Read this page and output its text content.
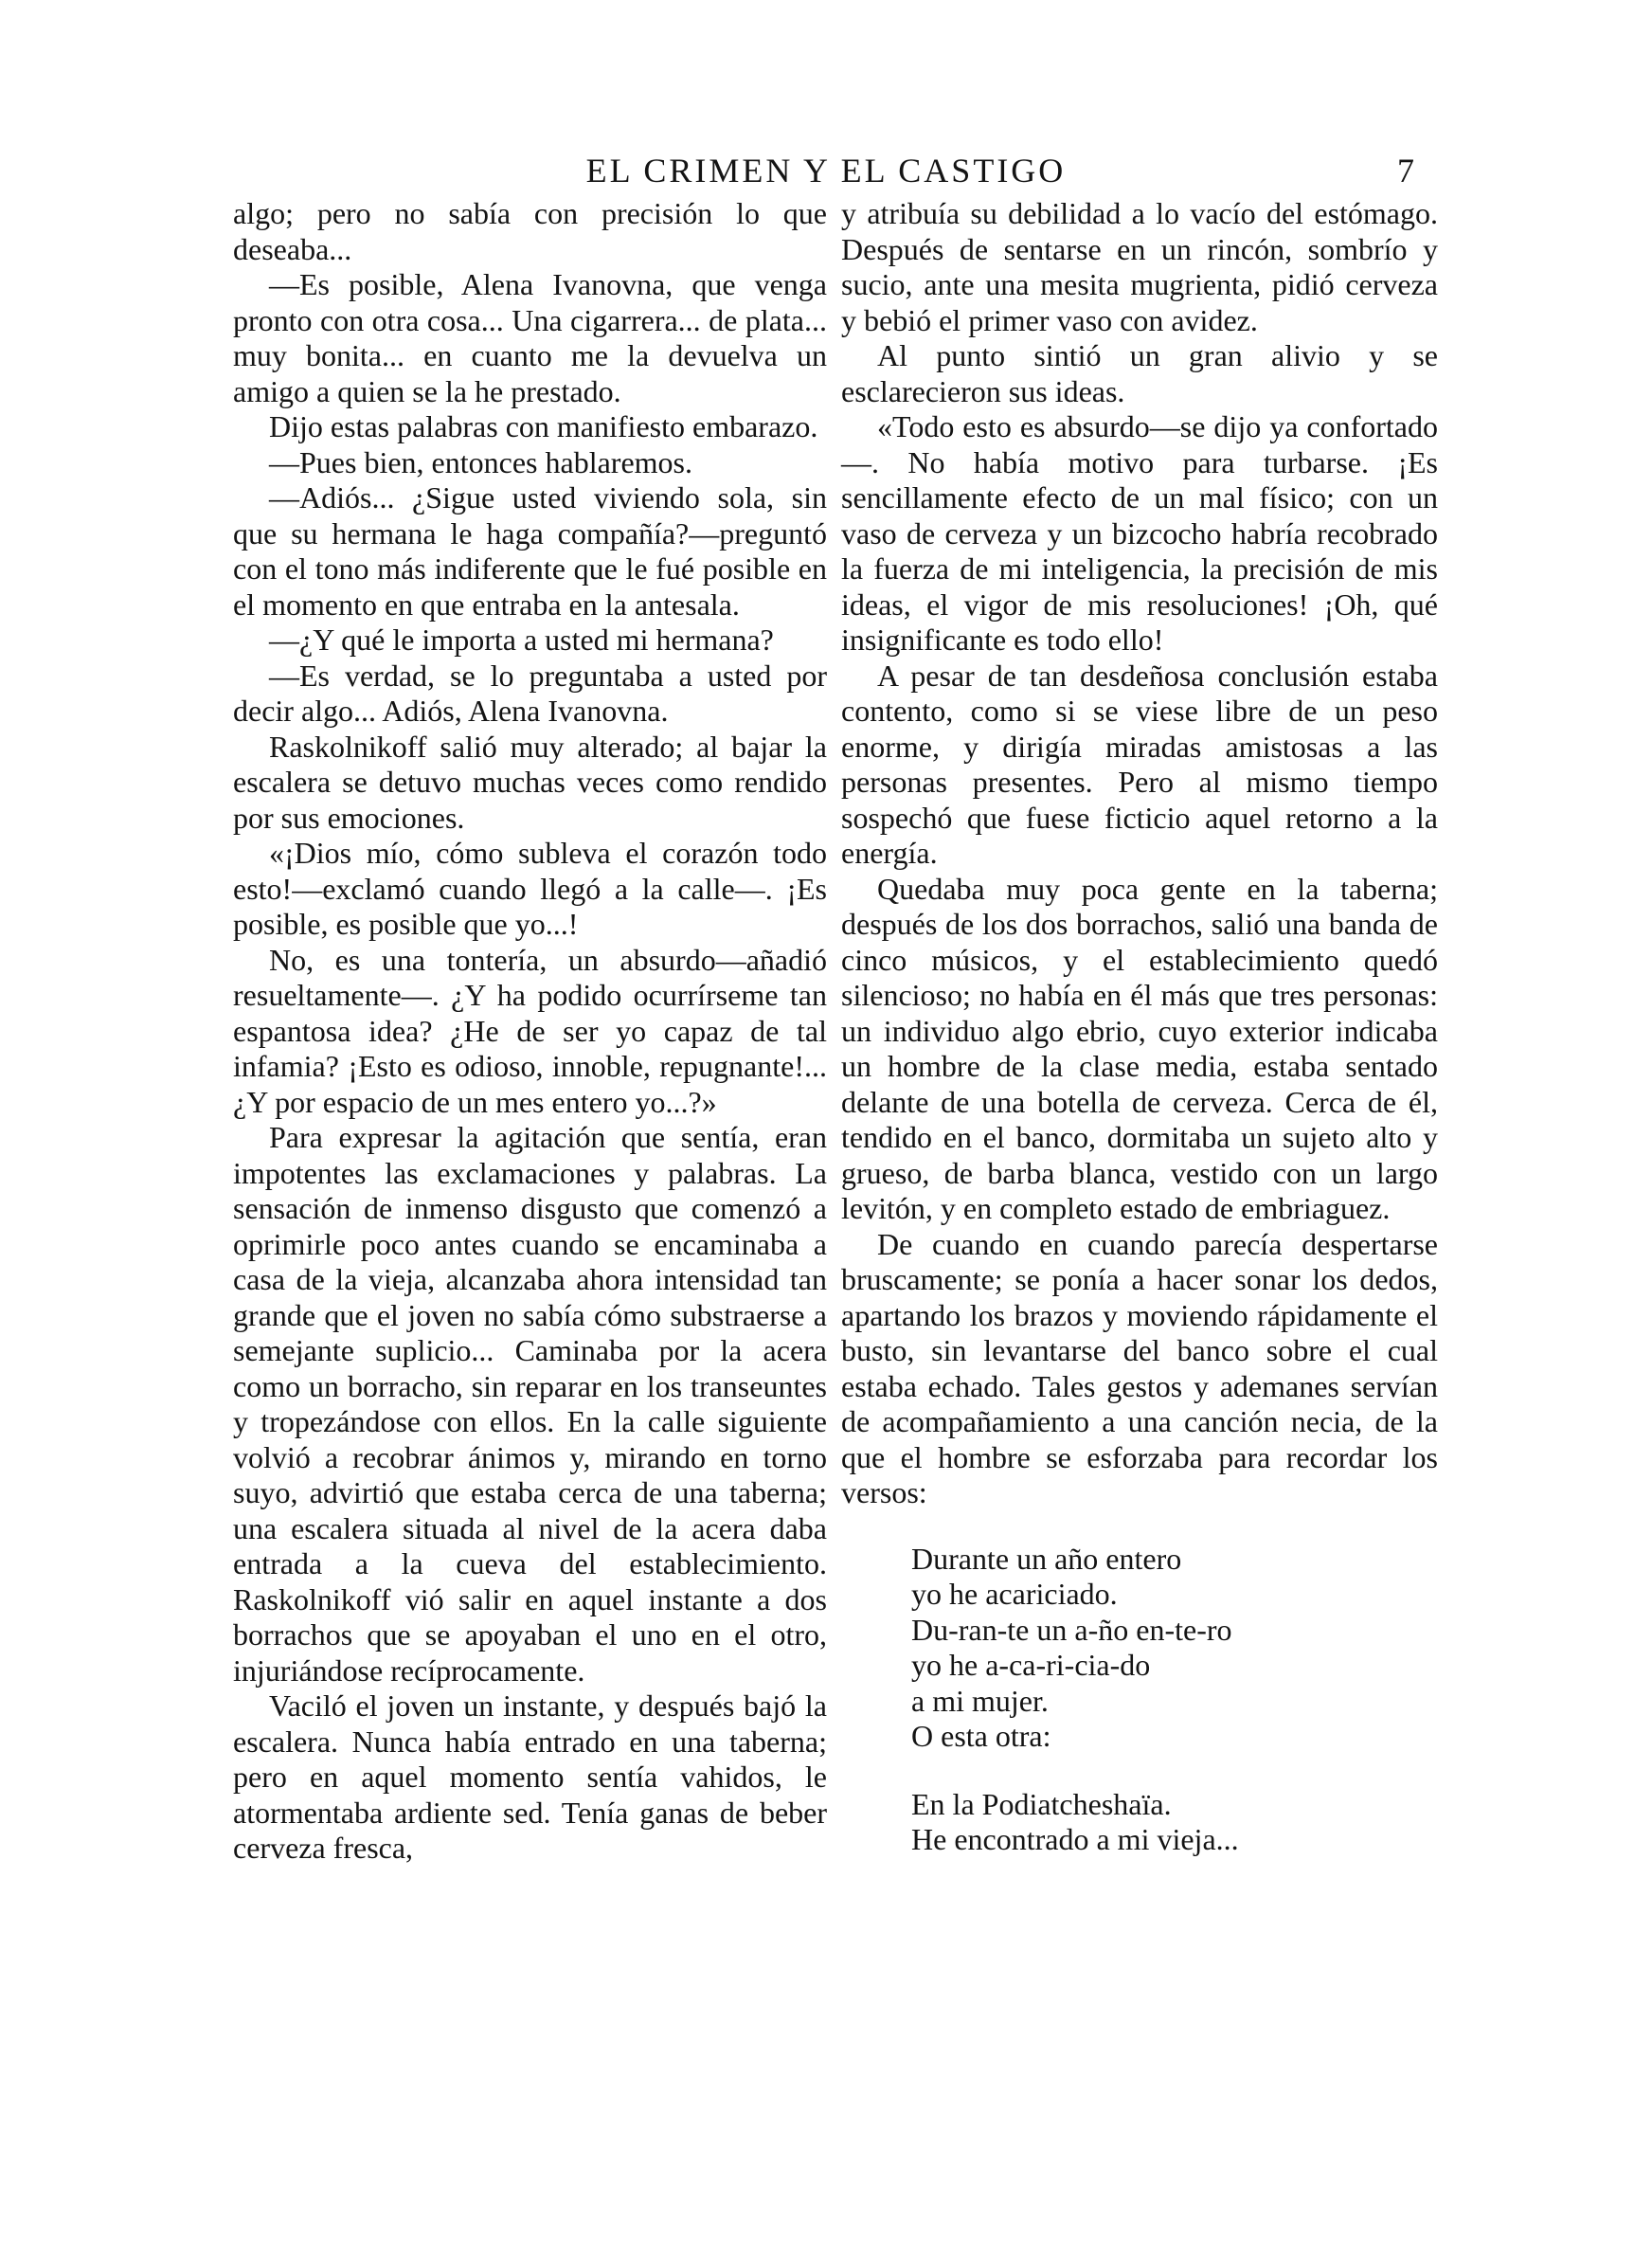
EL CRIMEN Y EL CASTIGO	7

algo; pero no sabía con precisión lo que deseaba...

—Es posible, Alena Ivanovna, que venga pronto con otra cosa... Una cigarrera... de plata... muy bonita... en cuanto me la devuelva un amigo a quien se la he prestado.

Dijo estas palabras con manifiesto embarazo.

—Pues bien, entonces hablaremos.

—Adiós... ¿Sigue usted viviendo sola, sin que su hermana le haga compañía?—preguntó con el tono más indiferente que le fué posible en el momento en que entraba en la antesala.

—¿Y qué le importa a usted mi hermana?

—Es verdad, se lo preguntaba a usted por decir algo... Adiós, Alena Ivanovna.

Raskolnikoff salió muy alterado; al bajar la escalera se detuvo muchas veces como rendido por sus emociones.

«¡Dios mío, cómo subleva el corazón todo esto!—exclamó cuando llegó a la calle—. ¡Es posible, es posible que yo...!

No, es una tontería, un absurdo—añadió resueltamente—. ¿Y ha podido ocurrírseme tan espantosa idea? ¿He de ser yo capaz de tal infamia? ¡Esto es odioso, innoble, repugnante!... ¿Y por espacio de un mes entero yo...?»

Para expresar la agitación que sentía, eran impotentes las exclamaciones y palabras. La sensación de inmenso disgusto que comenzó a oprimirle poco antes cuando se encaminaba a casa de la vieja, alcanzaba ahora intensidad tan grande que el joven no sabía cómo substraerse a semejante suplicio... Caminaba por la acera como un borracho, sin reparar en los transeuntes y tropezándose con ellos. En la calle siguiente volvió a recobrar ánimos y, mirando en torno suyo, advirtió que estaba cerca de una taberna; una escalera situada al nivel de la acera daba entrada a la cueva del establecimiento. Raskolnikoff vió salir en aquel instante a dos borrachos que se apoyaban el uno en el otro, injuriándose recíprocamente.

Vaciló el joven un instante, y después bajó la escalera. Nunca había entrado en una taberna; pero en aquel momento sentía vahidos, le atormentaba ardiente sed. Tenía ganas de beber cerveza fresca,

y atribuía su debilidad a lo vacío del estómago. Después de sentarse en un rincón, sombrío y sucio, ante una mesita mugrienta, pidió cerveza y bebió el primer vaso con avidez.

Al punto sintió un gran alivio y se esclarecieron sus ideas.

«Todo esto es absurdo—se dijo ya confortado—. No había motivo para turbarse. ¡Es sencillamente efecto de un mal físico; con un vaso de cerveza y un bizcocho habría recobrado la fuerza de mi inteligencia, la precisión de mis ideas, el vigor de mis resoluciones! ¡Oh, qué insignificante es todo ello!

A pesar de tan desdeñosa conclusión estaba contento, como si se viese libre de un peso enorme, y dirigía miradas amistosas a las personas presentes. Pero al mismo tiempo sospechó que fuese ficticio aquel retorno a la energía.

Quedaba muy poca gente en la taberna; después de los dos borrachos, salió una banda de cinco músicos, y el establecimiento quedó silencioso; no había en él más que tres personas: un individuo algo ebrio, cuyo exterior indicaba un hombre de la clase media, estaba sentado delante de una botella de cerveza. Cerca de él, tendido en el banco, dormitaba un sujeto alto y grueso, de barba blanca, vestido con un largo levitón, y en completo estado de embriaguez.

De cuando en cuando parecía despertarse bruscamente; se ponía a hacer sonar los dedos, apartando los brazos y moviendo rápidamente el busto, sin levantarse del banco sobre el cual estaba echado. Tales gestos y ademanes servían de acompañamiento a una canción necia, de la que el hombre se esforzaba para recordar los versos:

Durante un año entero
yo he acariciado.
Du-ran-te un a-ño en-te-ro
yo he a-ca-ri-cia-do
a mi mujer.

O esta otra:

En la Podiatcheshaïa.
He encontrado a mi vieja...
